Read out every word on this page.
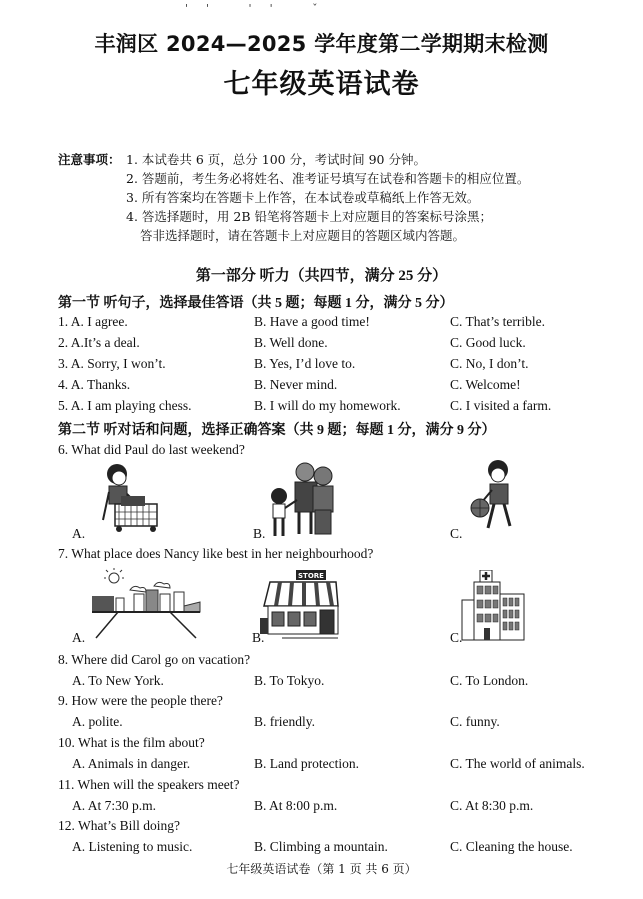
'' '' ˇ
丰润区 2024—2025 学年度第二学期期末检测
七年级英语试卷
注意事项： 1. 本试卷共 6 页，总分 100 分，考试时间 90 分钟。
2. 答题前，考生务必将姓名、准考证号填写在试卷和答题卡的相应位置。
3. 所有答案均在答题卡上作答，在本试卷或草稿纸上作答无效。
4. 答选择题时，用 2B 铅笔将答题卡上对应题目的答案标号涂黑；
答非选择题时，请在答题卡上对应题目的答题区域内答题。
第一部分 听力（共四节，满分 25 分）
第一节 听句子，选择最佳答语（共 5 题；每题 1 分，满分 5 分）
1. A. I agree.	B. Have a good time!	C. That’s terrible.
2. A.It’s a deal.	B. Well done.	C. Good luck.
3. A. Sorry, I won’t.	B. Yes, I’d love to.	C. No, I don’t.
4. A. Thanks.	B. Never mind.	C. Welcome!
5. A. I am playing chess.	B. I will do my homework.	C. I visited a farm.
第二节 听对话和问题，选择正确答案（共 9 题；每题 1 分，满分 9 分）
6. What did Paul do last weekend?
A.	B.	C.
7. What place does Nancy like best in her neighbourhood?
A.
STORE
B.	C.
8. Where did Carol go on vacation?
A. To New York.	B. To Tokyo.	C. To London.
9. How were the people there?
A. polite.	B. friendly.	C. funny.
10. What is the film about?
A. Animals in danger.	B. Land protection.	C. The world of animals.
11. When will the speakers meet?
A. At 7:30 p.m.	B. At 8:00 p.m.	C. At 8:30 p.m.
12. What’s Bill doing?
A. Listening to music.	B. Climbing a mountain.	C. Cleaning the house.
七年级英语试卷（第 1 页 共 6 页）
